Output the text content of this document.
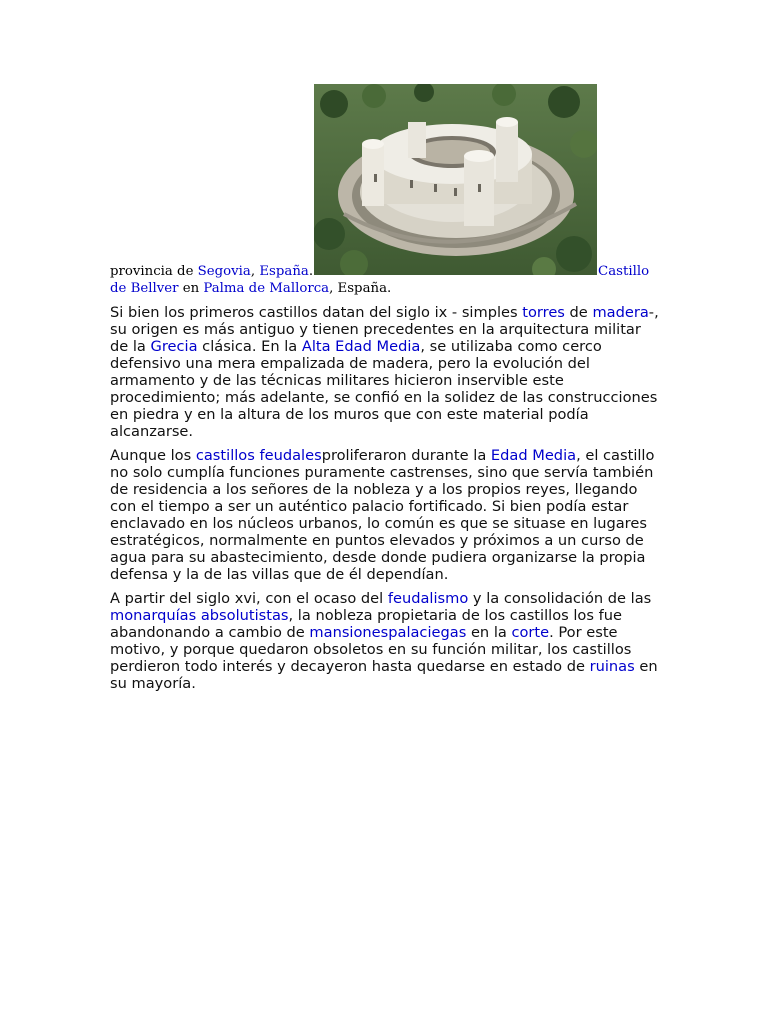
provincia de Segovia, España.	Castillo de Bellver en Palma de Mallorca, España.

Si bien los primeros castillos datan del siglo ix - simples torres de madera-, su origen es más antiguo y tienen precedentes en la arquitectura militar de la Grecia clásica. En la Alta Edad Media, se utilizaba como cerco defensivo una mera empalizada de madera, pero la evolución del armamento y de las técnicas militares hicieron inservible este procedimiento; más adelante, se confió en la solidez de las construcciones en piedra y en la altura de los muros que con este material podía alcanzarse.

Aunque los castillos feudalesproliferaron durante la Edad Media, el castillo no solo cumplía funciones puramente castrenses, sino que servía también de residencia a los señores de la nobleza y a los propios reyes, llegando con el tiempo a ser un auténtico palacio fortificado. Si bien podía estar enclavado en los núcleos urbanos, lo común es que se situase en lugares estratégicos, normalmente en puntos elevados y próximos a un curso de agua para su abastecimiento, desde donde pudiera organizarse la propia defensa y la de las villas que de él dependían.

A partir del siglo xvi, con el ocaso del feudalismo y la consolidación de las monarquías absolutistas, la nobleza propietaria de los castillos los fue abandonando a cambio de mansionespalaciegas en la corte. Por este motivo, y porque quedaron obsoletos en su función militar, los castillos perdieron todo interés y decayeron hasta quedarse en estado de ruinas en su mayoría.
